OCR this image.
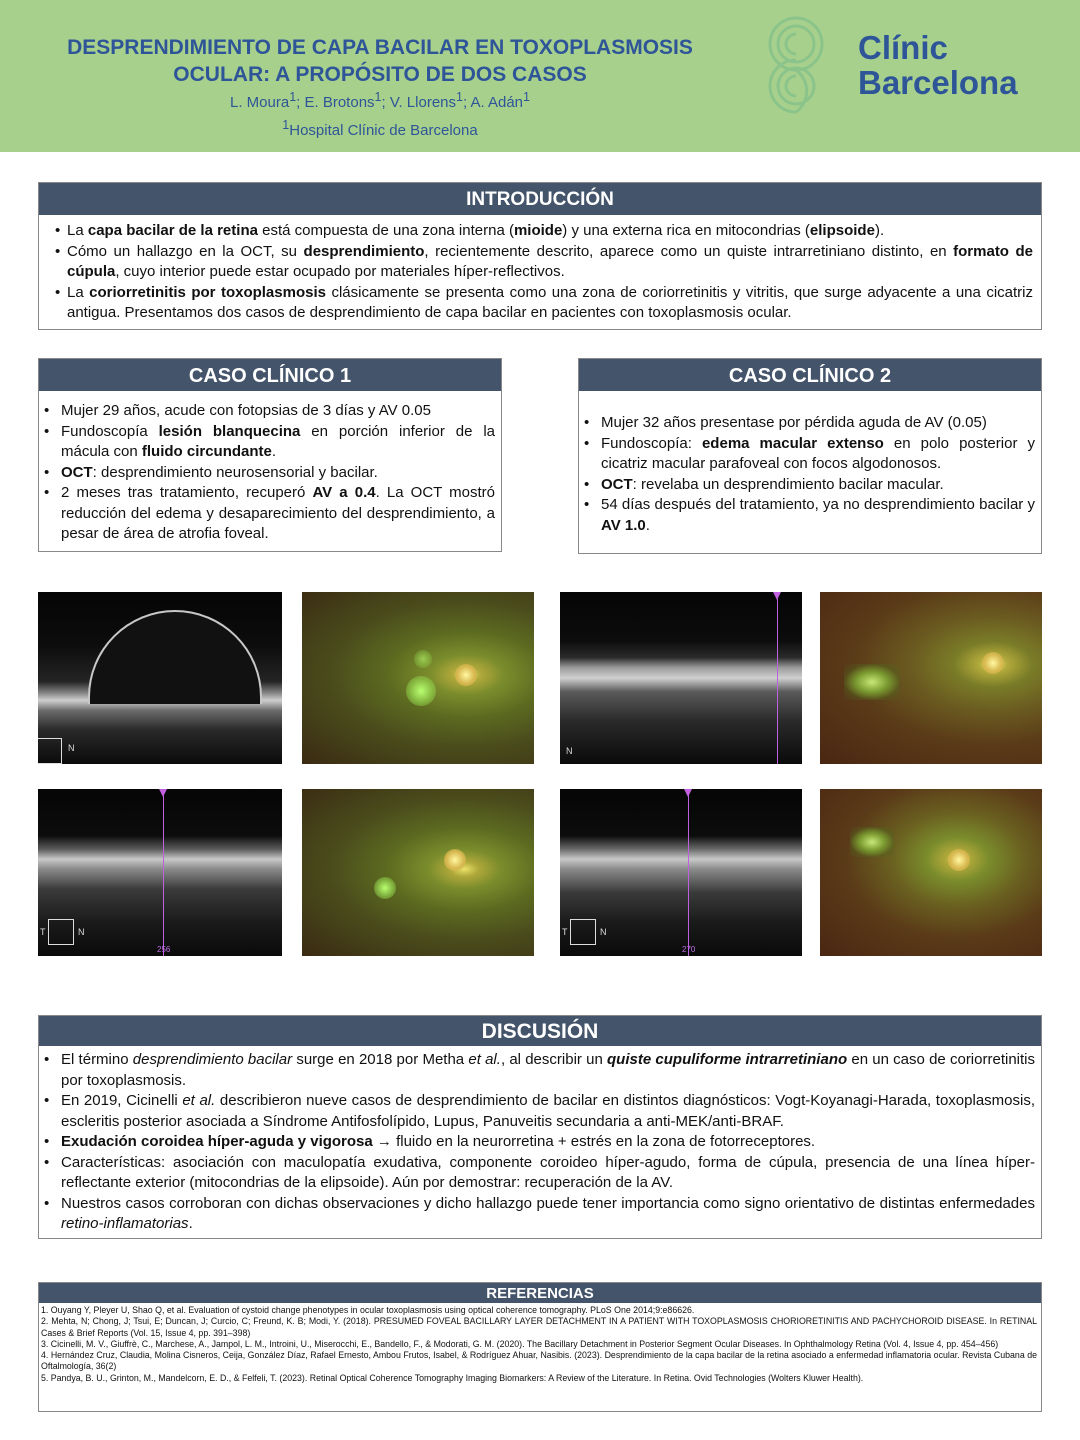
DESPRENDIMIENTO DE CAPA BACILAR EN TOXOPLASMOSIS
OCULAR: A PROPÓSITO DE DOS CASOS
L. Moura$^1$; E. Brotons$^1$; V. Llorens$^1$; A. Adán$^1$
$^1$Hospital Clínic de Barcelona
Clínic
Barcelona
INTRODUCCIÓN
• La capa bacilar de la retina está compuesta de una zona interna (mioide) y una externa rica en mitocondrias (elipsoide).
• Cómo un hallazgo en la OCT, su desprendimiento, recientemente descrito, aparece como un quiste intrarretiniano distinto, en formato de cúpula, cuyo interior puede estar ocupado por materiales híper-reflectivos.
• La coriorretinitis por toxoplasmosis clásicamente se presenta como una zona de coriorretinitis y vitritis, que surge adyacente a una cicatriz antigua. Presentamos dos casos de desprendimiento de capa bacilar en pacientes con toxoplasmosis ocular.
CASO CLÍNICO 1
• Mujer 29 años, acude con fotopsias de 3 días y AV 0.05
• Fundoscopía lesión blanquecina en porción inferior de la mácula con fluido circundante.
• OCT: desprendimiento neurosensorial y bacilar.
• 2 meses tras tratamiento, recuperó AV a 0.4. La OCT mostró reducción del edema y desaparecimiento del desprendimiento, a pesar de área de atrofia foveal.
CASO CLÍNICO 2
• Mujer 32 años presentase por pérdida aguda de AV (0.05)
• Fundoscopía: edema macular extenso en polo posterior y cicatriz macular parafoveal con focos algodonosos.
• OCT: revelaba un desprendimiento bacilar macular.
• 54 días después del tratamiento, ya no desprendimiento bacilar y AV 1.0.
N	N
T	N
256
T	N
270
DISCUSIÓN
• El término desprendimiento bacilar surge en 2018 por Metha et al., al describir un quiste cupuliforme intrarretiniano en un caso de coriorretinitis por toxoplasmosis.
• En 2019, Cicinelli et al. describieron nueve casos de desprendimiento de bacilar en distintos diagnósticos: Vogt-Koyanagi-Harada, toxoplasmosis, escleritis posterior asociada a Síndrome Antifosfolípido, Lupus, Panuveitis secundaria a anti-MEK/anti-BRAF.
• Exudación coroidea híper-aguda y vigorosa → fluido en la neurorretina + estrés en la zona de fotorreceptores.
• Características: asociación con maculopatía exudativa, componente coroideo híper-agudo, forma de cúpula, presencia de una línea híper-reflectante exterior (mitocondrias de la elipsoide). Aún por demostrar: recuperación de la AV.
• Nuestros casos corroboran con dichas observaciones y dicho hallazgo puede tener importancia como signo orientativo de distintas enfermedades retino-inflamatorias.
REFERENCIAS
1. Ouyang Y, Pleyer U, Shao Q, et al. Evaluation of cystoid change phenotypes in ocular toxoplasmosis using optical coherence tomography. PLoS One 2014;9:e86626.
2. Mehta, N; Chong, J; Tsui, E; Duncan, J; Curcio, C; Freund, K. B; Modi, Y. (2018). PRESUMED FOVEAL BACILLARY LAYER DETACHMENT IN A PATIENT WITH TOXOPLASMOSIS CHORIORETINITIS AND PACHYCHOROID DISEASE. In RETINAL Cases & Brief Reports (Vol. 15, Issue 4, pp. 391–398)
3. Cicinelli, M. V., Giuffrè, C., Marchese, A., Jampol, L. M., Introini, U., Miserocchi, E., Bandello, F., & Modorati, G. M. (2020). The Bacillary Detachment in Posterior Segment Ocular Diseases. In Ophthalmology Retina (Vol. 4, Issue 4, pp. 454–456)
4. Hernández Cruz, Claudia, Molina Cisneros, Ceija, González Díaz, Rafael Ernesto, Ambou Frutos, Isabel, & Rodríguez Ahuar, Nasibis. (2023). Desprendimiento de la capa bacilar de la retina asociado a enfermedad inflamatoria ocular. Revista Cubana de Oftalmología, 36(2)
5. Pandya, B. U., Grinton, M., Mandelcorn, E. D., & Felfeli, T. (2023). Retinal Optical Coherence Tomography Imaging Biomarkers: A Review of the Literature. In Retina. Ovid Technologies (Wolters Kluwer Health).
